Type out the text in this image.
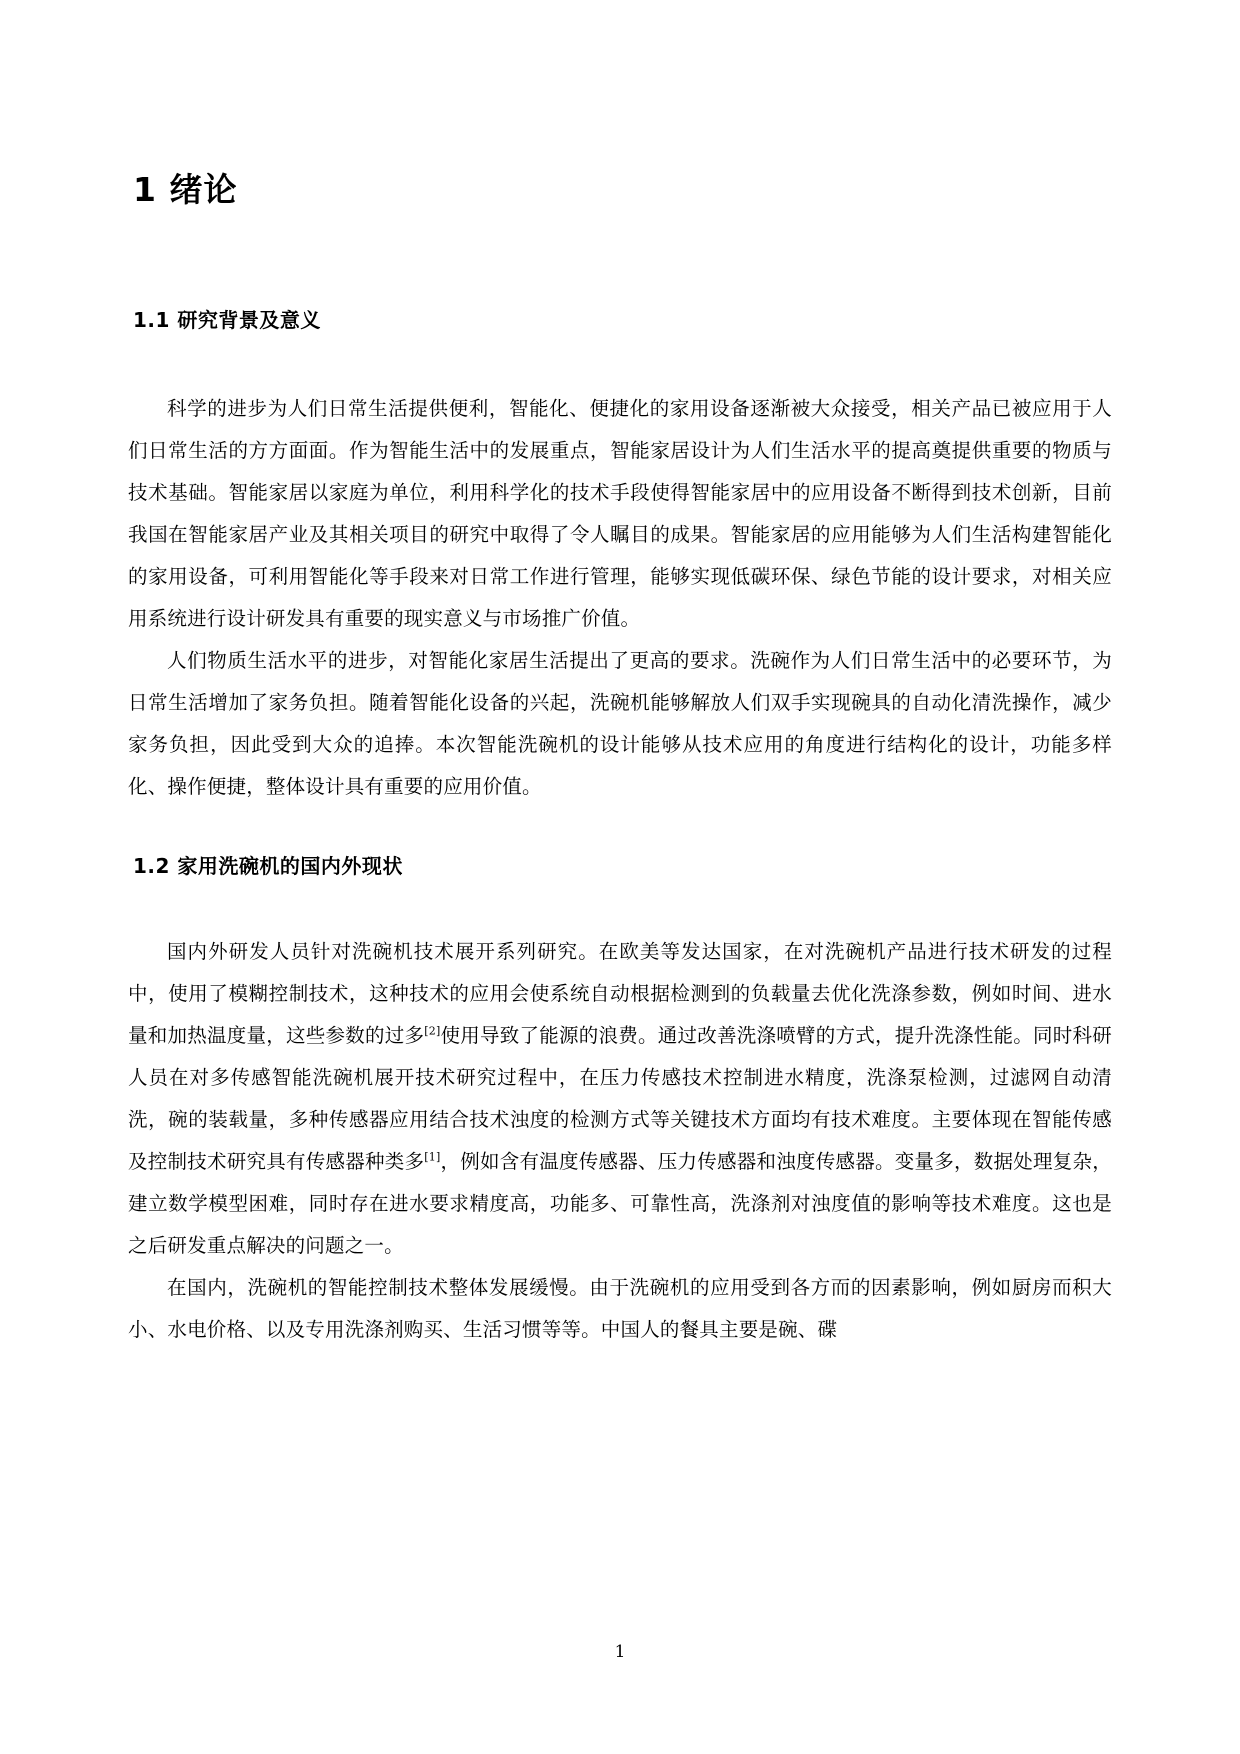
1 绪论
1.1 研究背景及意义

科学的进步为人们日常生活提供便利，智能化、便捷化的家用设备逐渐被大众接受，相关产品已被应用于人们日常生活的方方面面。作为智能生活中的发展重点，智能家居设计为人们生活水平的提高奠提供重要的物质与技术基础。智能家居以家庭为单位，利用科学化的技术手段使得智能家居中的应用设备不断得到技术创新，目前我国在智能家居产业及其相关项目的研究中取得了令人瞩目的成果。智能家居的应用能够为人们生活构建智能化的家用设备，可利用智能化等手段来对日常工作进行管理，能够实现低碳环保、绿色节能的设计要求，对相关应用系统进行设计研发具有重要的现实意义与市场推广价值。

人们物质生活水平的进步，对智能化家居生活提出了更高的要求。洗碗作为人们日常生活中的必要环节，为日常生活增加了家务负担。随着智能化设备的兴起，洗碗机能够解放人们双手实现碗具的自动化清洗操作，减少家务负担，因此受到大众的追捧。本次智能洗碗机的设计能够从技术应用的角度进行结构化的设计，功能多样化、操作便捷，整体设计具有重要的应用价值。

1.2 家用洗碗机的国内外现状

国内外研发人员针对洗碗机技术展开系列研究。在欧美等发达国家，在对洗碗机产品进行技术研发的过程中，使用了模糊控制技术，这种技术的应用会使系统自动根据检测到的负载量去优化洗涤参数，例如时间、进水量和加热温度量，这些参数的过多[2]使用导致了能源的浪费。通过改善洗涤喷臂的方式，提升洗涤性能。同时科研人员在对多传感智能洗碗机展开技术研究过程中，在压力传感技术控制进水精度，洗涤泵检测，过滤网自动清洗，碗的装载量，多种传感器应用结合技术浊度的检测方式等关键技术方面均有技术难度。主要体现在智能传感及控制技术研究具有传感器种类多[1]，例如含有温度传感器、压力传感器和浊度传感器。变量多，数据处理复杂，建立数学模型困难，同时存在进水要求精度高，功能多、可靠性高，洗涤剂对浊度值的影响等技术难度。这也是之后研发重点解决的问题之一。

在国内，洗碗机的智能控制技术整体发展缓慢。由于洗碗机的应用受到各方而的因素影响，例如厨房而积大小、水电价格、以及专用洗涤剂购买、生活习惯等等。中国人的餐具主要是碗、碟

1
